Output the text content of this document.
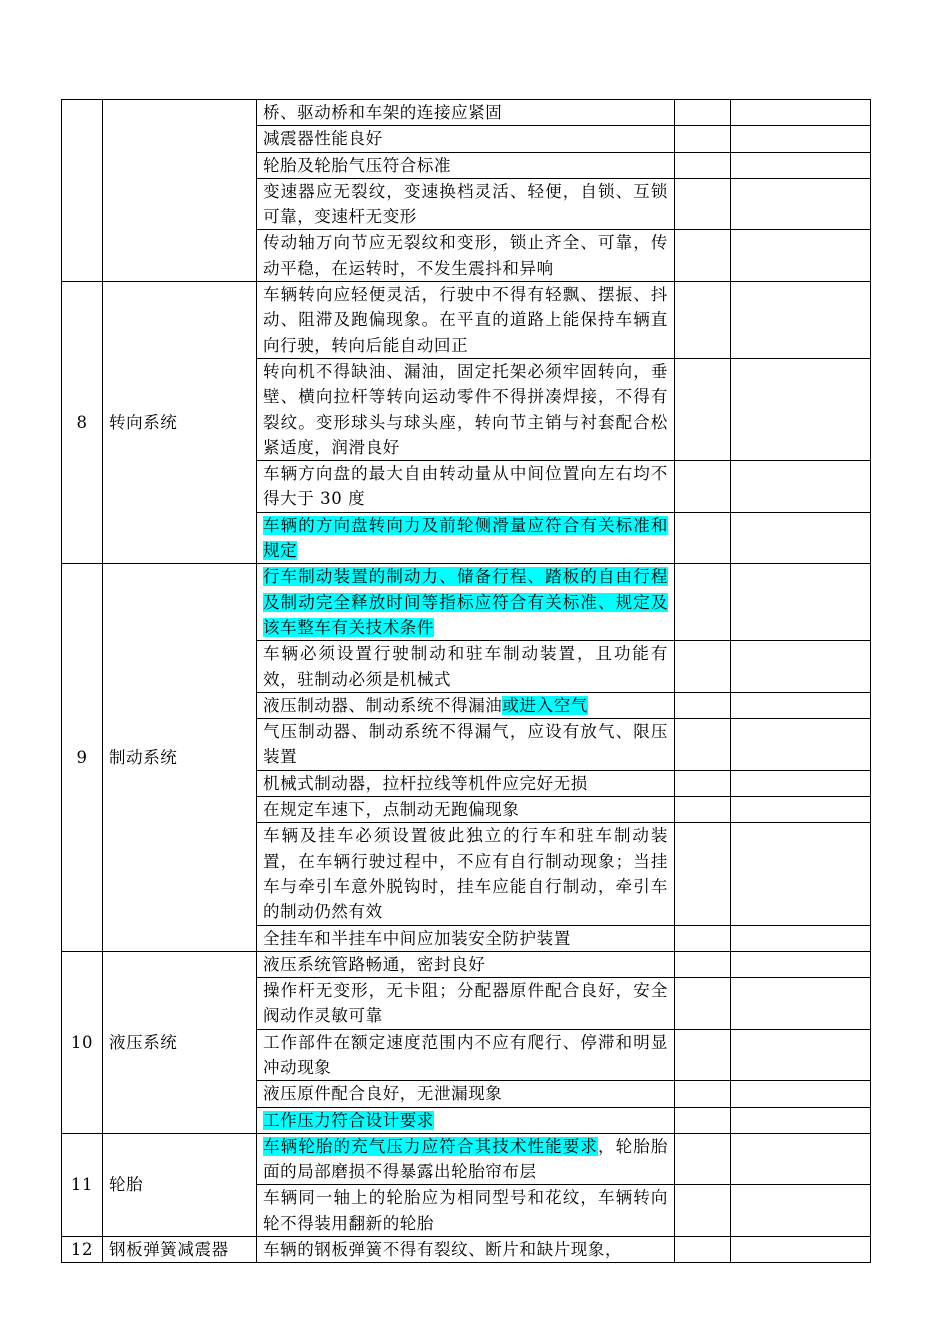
		桥、驱动桥和车架的连接应紧固		
		减震器性能良好		
		轮胎及轮胎气压符合标准		
		变速器应无裂纹，变速换档灵活、轻便，自锁、互锁可靠，变速杆无变形		
		传动轴万向节应无裂纹和变形，锁止齐全、可靠，传动平稳，在运转时，不发生震抖和异响		
8	转向系统	车辆转向应轻便灵活，行驶中不得有轻飘、摆振、抖动、阻滞及跑偏现象。在平直的道路上能保持车辆直向行驶，转向后能自动回正		
		转向机不得缺油、漏油，固定托架必须牢固转向，垂壁、横向拉杆等转向运动零件不得拼凑焊接，不得有裂纹。变形球头与球头座，转向节主销与衬套配合松紧适度，润滑良好		
		车辆方向盘的最大自由转动量从中间位置向左右均不得大于 30 度		
		车辆的方向盘转向力及前轮侧滑量应符合有关标准和规定		
9	制动系统	行车制动装置的制动力、储备行程、踏板的自由行程及制动完全释放时间等指标应符合有关标准、规定及该车整车有关技术条件		
		车辆必须设置行驶制动和驻车制动装置，且功能有效，驻制动必须是机械式		
		液压制动器、制动系统不得漏油或进入空气		
		气压制动器、制动系统不得漏气，应设有放气、限压装置		
		机械式制动器，拉杆拉线等机件应完好无损		
		在规定车速下，点制动无跑偏现象		
		车辆及挂车必须设置彼此独立的行车和驻车制动装置，在车辆行驶过程中，不应有自行制动现象；当挂车与牵引车意外脱钩时，挂车应能自行制动，牵引车的制动仍然有效		
		全挂车和半挂车中间应加装安全防护装置		
10	液压系统	液压系统管路畅通，密封良好		
		操作杆无变形，无卡阻；分配器原件配合良好，安全阀动作灵敏可靠		
		工作部件在额定速度范围内不应有爬行、停滞和明显冲动现象		
		液压原件配合良好，无泄漏现象		
		工作压力符合设计要求		
11	轮胎	车辆轮胎的充气压力应符合其技术性能要求，轮胎胎面的局部磨损不得暴露出轮胎帘布层		
		车辆同一轴上的轮胎应为相同型号和花纹，车辆转向轮不得装用翻新的轮胎		
12	钢板弹簧减震器	车辆的钢板弹簧不得有裂纹、断片和缺片现象，		
